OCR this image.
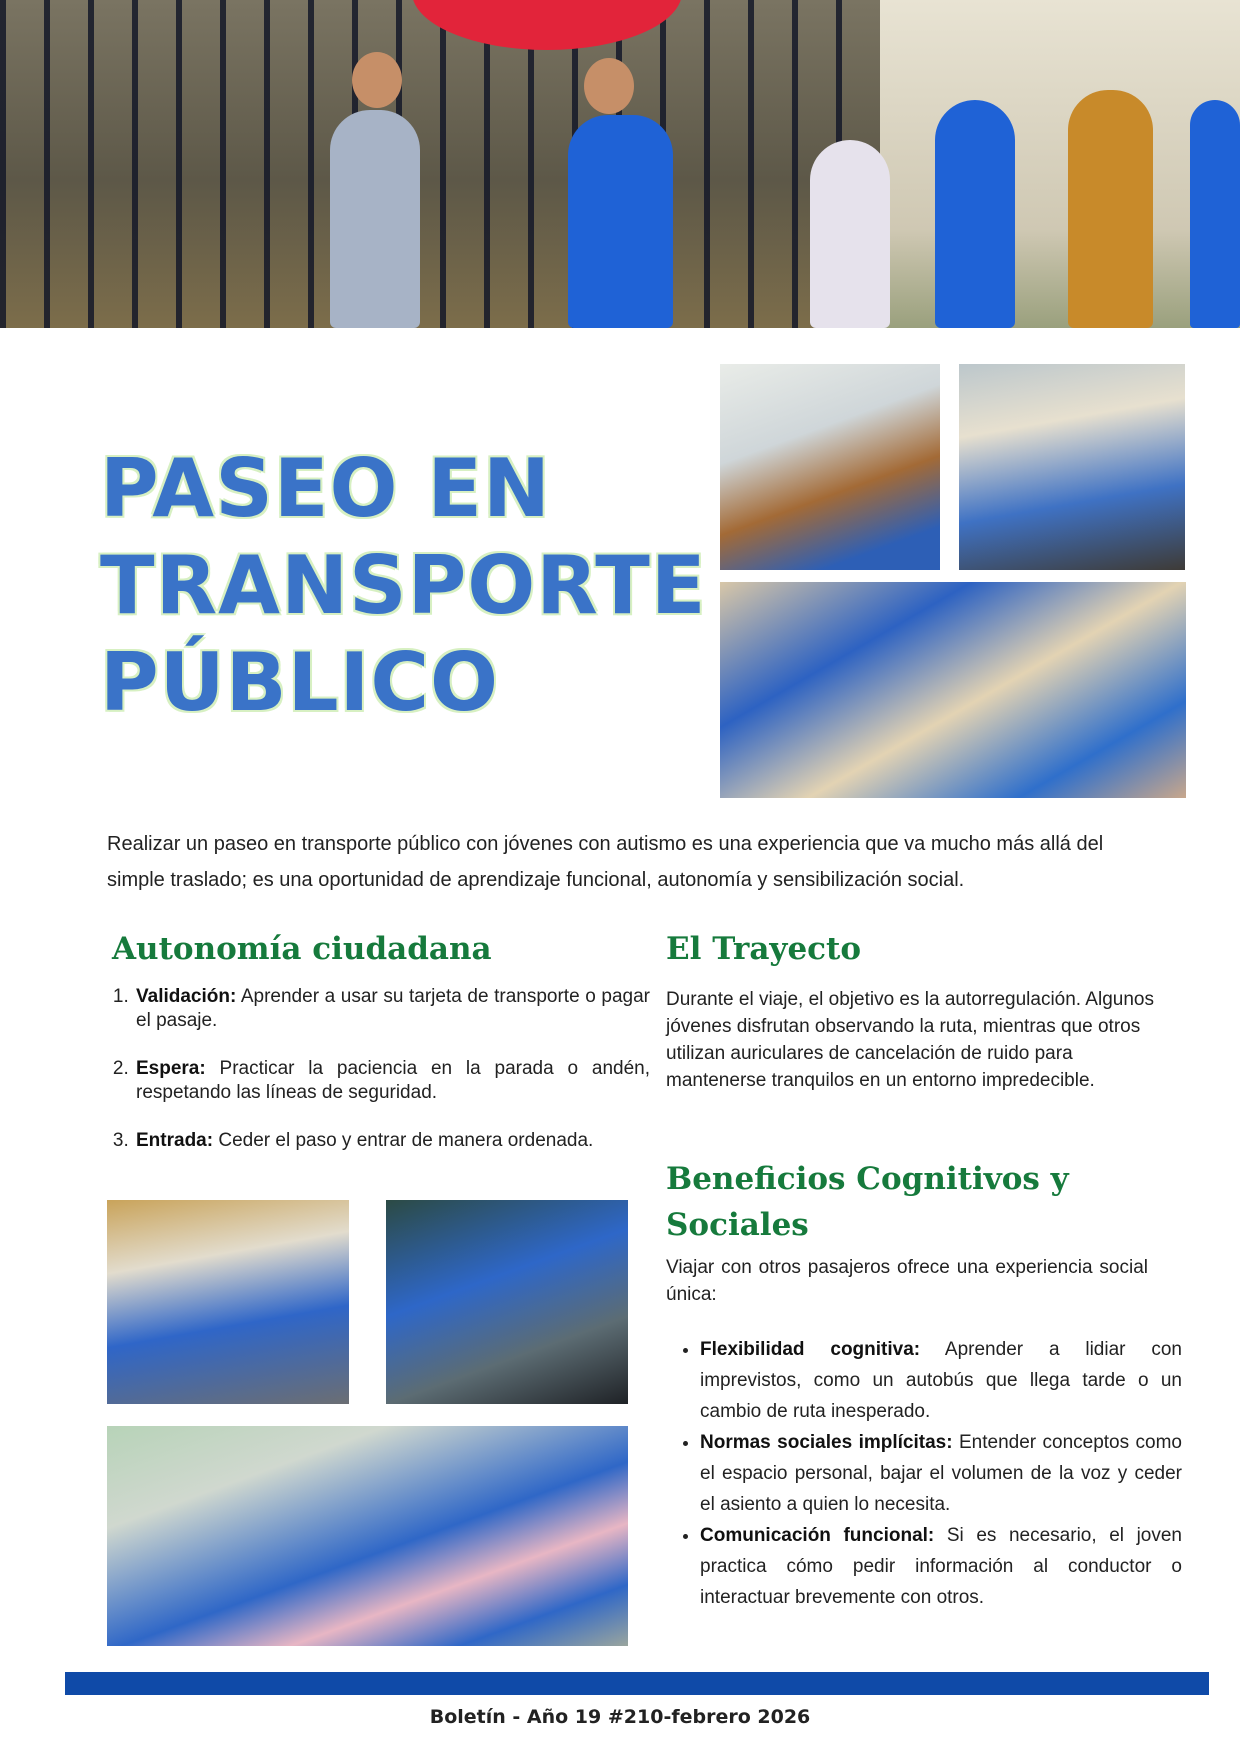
PASEO EN
TRANSPORTE
PÚBLICO

Realizar un paseo en transporte público con jóvenes con autismo es una experiencia que va mucho más allá del simple traslado; es una oportunidad de aprendizaje funcional, autonomía y sensibilización social.

Autonomía ciudadana
1. Validación: Aprender a usar su tarjeta de transporte o pagar el pasaje.
2. Espera: Practicar la paciencia en la parada o andén, respetando las líneas de seguridad.
3. Entrada: Ceder el paso y entrar de manera ordenada.
El Trayecto

Durante el viaje, el objetivo es la autorregulación. Algunos jóvenes disfrutan observando la ruta, mientras que otros utilizan auriculares de cancelación de ruido para mantenerse tranquilos en un entorno impredecible.

Beneficios Cognitivos y Sociales

Viajar con otros pasajeros ofrece una experiencia social única:

• Flexibilidad cognitiva: Aprender a lidiar con imprevistos, como un autobús que llega tarde o un cambio de ruta inesperado.
• Normas sociales implícitas: Entender conceptos como el espacio personal, bajar el volumen de la voz y ceder el asiento a quien lo necesita.
• Comunicación funcional: Si es necesario, el joven practica cómo pedir información al conductor o interactuar brevemente con otros.
Boletín - Año 19 #210-febrero 2026
